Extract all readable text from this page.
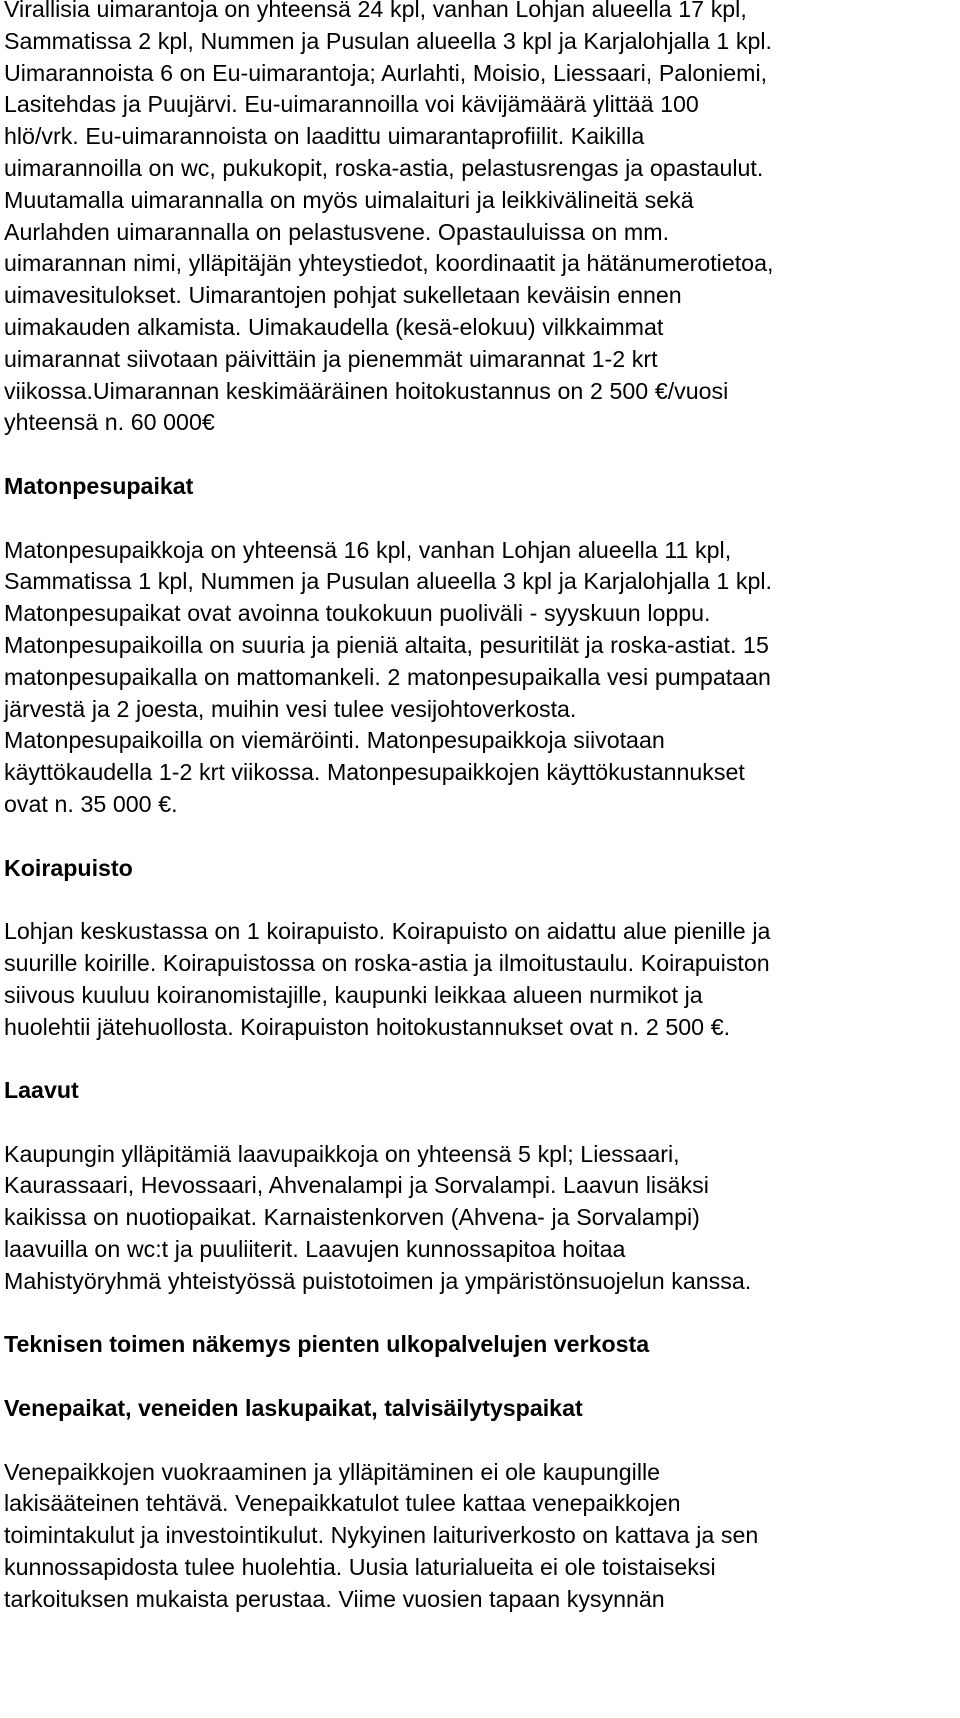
Virallisia uimarantoja on yhteensä 24 kpl, vanhan Lohjan alueella 17 kpl,
Sammatissa 2 kpl, Nummen ja Pusulan alueella 3 kpl ja Karjalohjalla 1 kpl.
Uimarannoista 6 on Eu-uimarantoja; Aurlahti, Moisio, Liessaari, Paloniemi,
Lasitehdas ja Puujärvi. Eu-uimarannoilla voi kävijämäärä ylittää 100
hlö/vrk. Eu-uimarannoista on laadittu uimarantaprofiilit. Kaikilla
uimarannoilla on wc, pukukopit, roska-astia, pelastusrengas ja opastaulut.
Muutamalla uimarannalla on myös uimalaituri ja leikkivälineitä sekä
Aurlahden uimarannalla on pelastusvene. Opastauluissa on mm.
uimarannan nimi, ylläpitäjän yhteystiedot, koordinaatit ja hätänumerotietoa,
uimavesitulokset. Uimarantojen pohjat sukelletaan keväisin ennen
uimakauden alkamista. Uimakaudella (kesä-elokuu) vilkkaimmat
uimarannat siivotaan päivittäin ja pienemmät uimarannat 1-2 krt
viikossa.Uimarannan keskimääräinen hoitokustannus on 2 500 €/vuosi
yhteensä n. 60 000€

Matonpesupaikat

Matonpesupaikkoja on yhteensä 16 kpl, vanhan Lohjan alueella 11 kpl,
Sammatissa 1 kpl, Nummen ja Pusulan alueella 3 kpl ja Karjalohjalla 1 kpl.
Matonpesupaikat ovat avoinna toukokuun puoliväli - syyskuun loppu.
Matonpesupaikoilla on suuria ja pieniä altaita, pesuritilät ja roska-astiat. 15
matonpesupaikalla on mattomankeli. 2 matonpesupaikalla vesi pumpataan
järvestä ja 2 joesta, muihin vesi tulee vesijohtoverkosta.
Matonpesupaikoilla on viemäröinti. Matonpesupaikkoja siivotaan
käyttökaudella 1-2 krt viikossa. Matonpesupaikkojen käyttökustannukset
ovat n. 35 000 €.

Koirapuisto

Lohjan keskustassa on 1 koirapuisto. Koirapuisto on aidattu alue pienille ja
suurille koirille. Koirapuistossa on roska-astia ja ilmoitustaulu. Koirapuiston
siivous kuuluu koiranomistajille, kaupunki leikkaa alueen nurmikot ja
huolehtii jätehuollosta. Koirapuiston hoitokustannukset ovat n. 2 500 €.

Laavut

Kaupungin ylläpitämiä laavupaikkoja on yhteensä 5 kpl; Liessaari,
Kaurassaari, Hevossaari, Ahvenalampi ja Sorvalampi. Laavun lisäksi
kaikissa on nuotiopaikat. Karnaistenkorven (Ahvena- ja Sorvalampi)
laavuilla on wc:t ja puuliiterit. Laavujen kunnossapitoa hoitaa
Mahistyöryhmä yhteistyössä puistotoimen ja ympäristönsuojelun kanssa.

Teknisen toimen näkemys pienten ulkopalvelujen verkosta
Venepaikat, veneiden laskupaikat, talvisäilytyspaikat

Venepaikkojen vuokraaminen ja ylläpitäminen ei ole kaupungille
lakisääteinen tehtävä. Venepaikkatulot tulee kattaa venepaikkojen
toimintakulut ja investointikulut. Nykyinen laituriverkosto on kattava ja sen
kunnossapidosta tulee huolehtia. Uusia laturialueita ei ole toistaiseksi
tarkoituksen mukaista perustaa. Viime vuosien tapaan kysynnän
